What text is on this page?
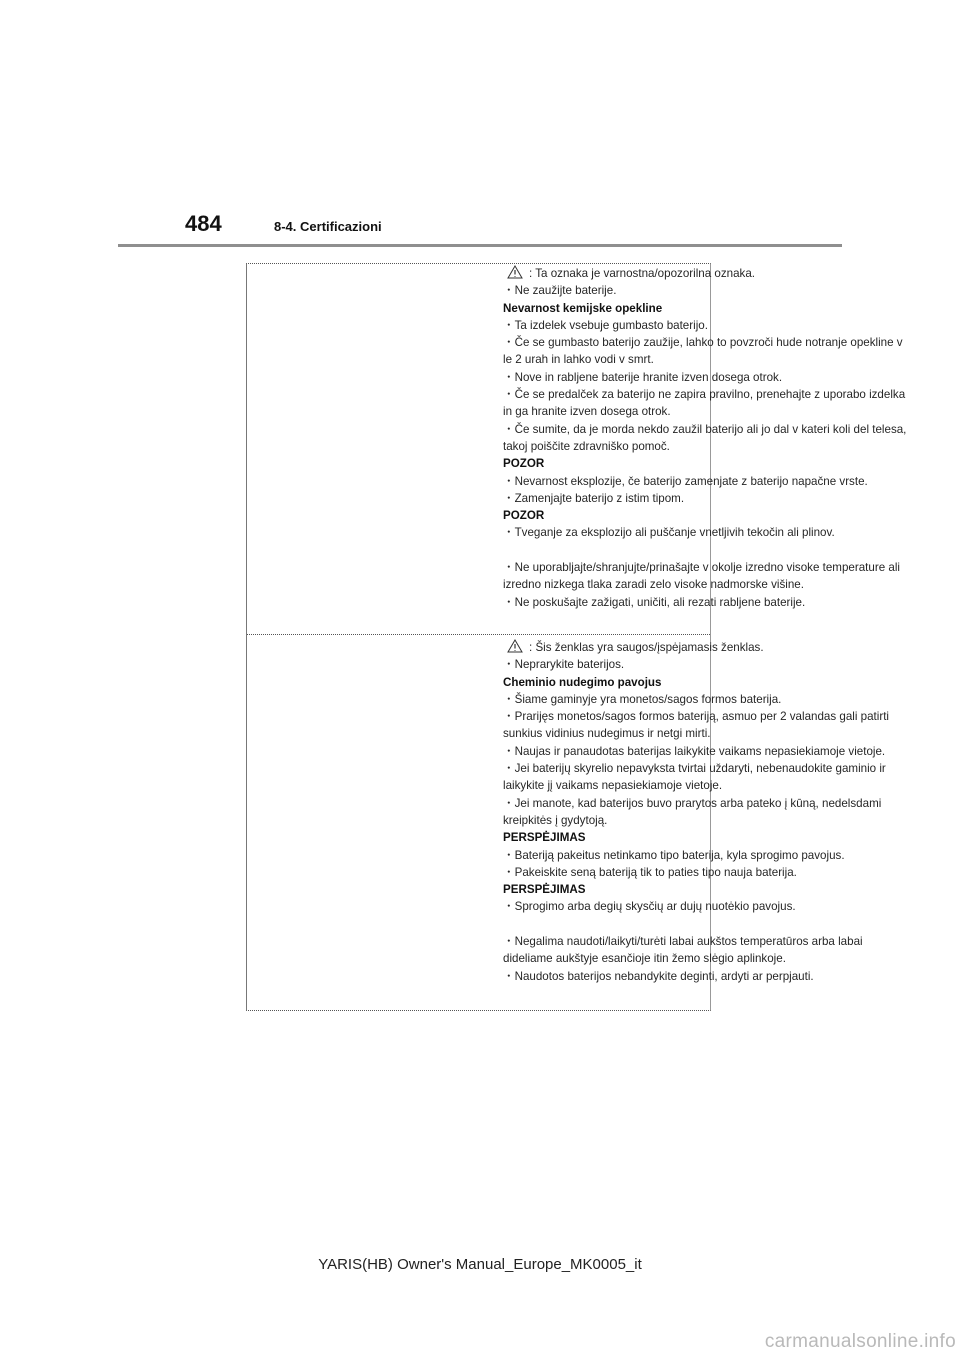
484	8-4. Certificazioni
: Ta oznaka je varnostna/opozorilna oznaka.
・Ne zaužijte baterije.
Nevarnost kemijske opekline
・Ta izdelek vsebuje gumbasto baterijo.
・Če se gumbasto baterijo zaužije, lahko to povzroči hude notranje opekline v
le 2 urah in lahko vodi v smrt.
・Nove in rabljene baterije hranite izven dosega otrok.
・Če se predalček za baterijo ne zapira pravilno, prenehajte z uporabo izdelka
in ga hranite izven dosega otrok.
・Če sumite, da je morda nekdo zaužil baterijo ali jo dal v kateri koli del telesa,
takoj poiščite zdravniško pomoč.
POZOR
・Nevarnost eksplozije, če baterijo zamenjate z baterijo napačne vrste.
・Zamenjajte baterijo z istim tipom.
POZOR
・Tveganje za eksplozijo ali puščanje vnetljivih tekočin ali plinov.
・Ne uporabljajte/shranjujte/prinašajte v okolje izredno visoke temperature ali
izredno nizkega tlaka zaradi zelo visoke nadmorske višine.
・Ne poskušajte zažigati, uničiti, ali rezati rabljene baterije.
: Šis ženklas yra saugos/įspėjamasis ženklas.
・Neprarykite baterijos.
Cheminio nudegimo pavojus
・Šiame gaminyje yra monetos/sagos formos baterija.
・Prarijęs monetos/sagos formos bateriją, asmuo per 2 valandas gali patirti
sunkius vidinius nudegimus ir netgi mirti.
・Naujas ir panaudotas baterijas laikykite vaikams nepasiekiamoje vietoje.
・Jei baterijų skyrelio nepavyksta tvirtai uždaryti, nebenaudokite gaminio ir
laikykite jį vaikams nepasiekiamoje vietoje.
・Jei manote, kad baterijos buvo prarytos arba pateko į kūną, nedelsdami
kreipkitės į gydytoją.
PERSPĖJIMAS
・Bateriją pakeitus netinkamo tipo baterija, kyla sprogimo pavojus.
・Pakeiskite seną bateriją tik to paties tipo nauja baterija.
PERSPĖJIMAS
・Sprogimo arba degių skysčių ar dujų nuotėkio pavojus.
・Negalima naudoti/laikyti/turėti labai aukštos temperatūros arba labai
dideliame aukštyje esančioje itin žemo slėgio aplinkoje.
・Naudotos baterijos nebandykite deginti, ardyti ar perpjauti.
YARIS(HB) Owner's Manual_Europe_MK0005_it
carmanualsonline.info
